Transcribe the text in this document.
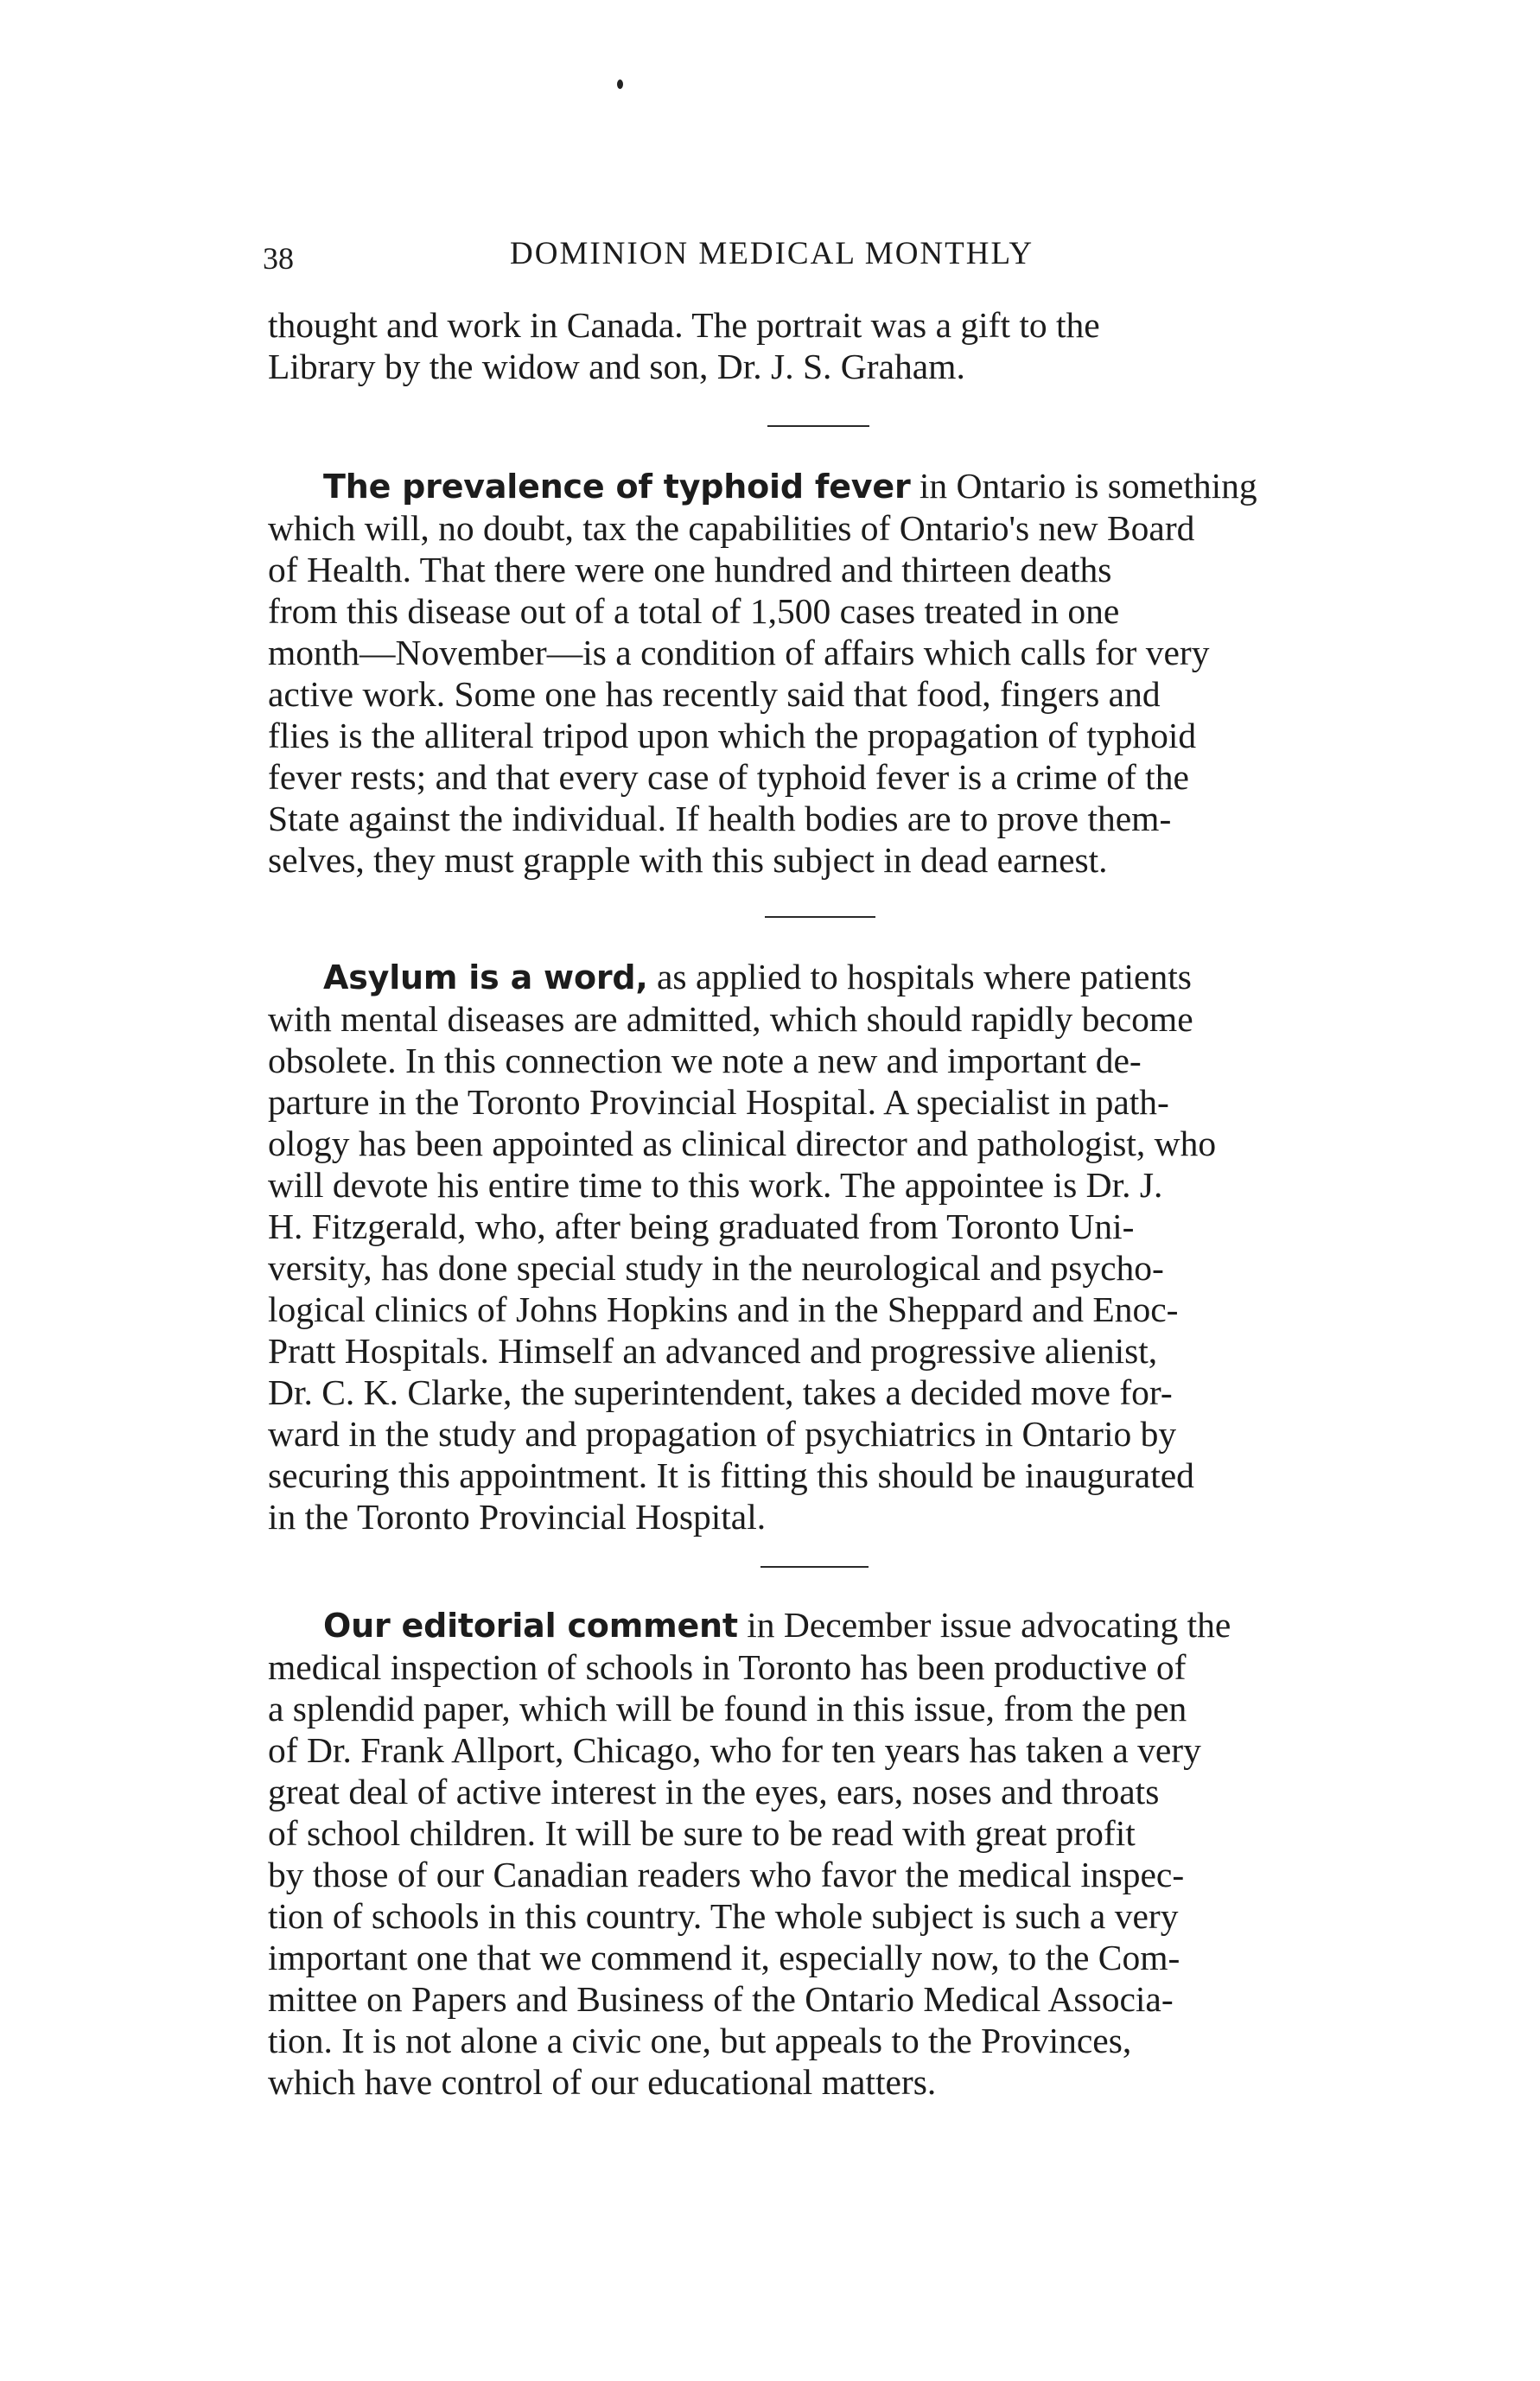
38	DOMINION MEDICAL MONTHLY
thought and work in Canada. The portrait was a gift to the
Library by the widow and son, Dr. J. S. Graham.
The prevalence of typhoid fever in Ontario is something
which will, no doubt, tax the capabilities of Ontario's new Board
of Health. That there were one hundred and thirteen deaths
from this disease out of a total of 1,500 cases treated in one
month—November—is a condition of affairs which calls for very
active work. Some one has recently said that food, fingers and
flies is the alliteral tripod upon which the propagation of typhoid
fever rests; and that every case of typhoid fever is a crime of the
State against the individual. If health bodies are to prove them-
selves, they must grapple with this subject in dead earnest.
Asylum is a word, as applied to hospitals where patients
with mental diseases are admitted, which should rapidly become
obsolete. In this connection we note a new and important de-
parture in the Toronto Provincial Hospital. A specialist in path-
ology has been appointed as clinical director and pathologist, who
will devote his entire time to this work. The appointee is Dr. J.
H. Fitzgerald, who, after being graduated from Toronto Uni-
versity, has done special study in the neurological and psycho-
logical clinics of Johns Hopkins and in the Sheppard and Enoc-
Pratt Hospitals. Himself an advanced and progressive alienist,
Dr. C. K. Clarke, the superintendent, takes a decided move for-
ward in the study and propagation of psychiatrics in Ontario by
securing this appointment. It is fitting this should be inaugurated
in the Toronto Provincial Hospital.
Our editorial comment in December issue advocating the
medical inspection of schools in Toronto has been productive of
a splendid paper, which will be found in this issue, from the pen
of Dr. Frank Allport, Chicago, who for ten years has taken a very
great deal of active interest in the eyes, ears, noses and throats
of school children. It will be sure to be read with great profit
by those of our Canadian readers who favor the medical inspec-
tion of schools in this country. The whole subject is such a very
important one that we commend it, especially now, to the Com-
mittee on Papers and Business of the Ontario Medical Associa-
tion. It is not alone a civic one, but appeals to the Provinces,
which have control of our educational matters.
